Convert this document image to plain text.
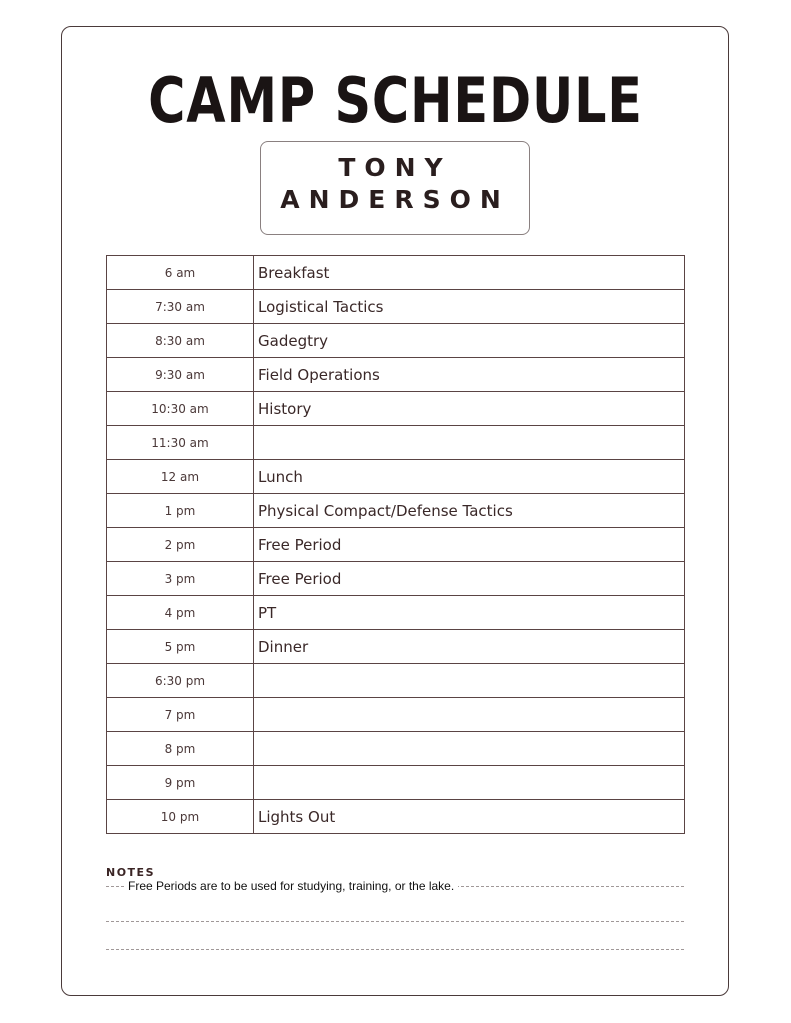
CAMP SCHEDULE
TONY
ANDERSON
6 am	Breakfast
7:30 am	Logistical Tactics
8:30 am	Gadegtry
9:30 am	Field Operations
10:30 am	History
11:30 am	
12 am	Lunch
1 pm	Physical Compact/Defense Tactics
2 pm	Free Period
3 pm	Free Period
4 pm	PT
5 pm	Dinner
6:30 pm	
7 pm	
8 pm	
9 pm	
10 pm	Lights Out
NOTES
Free Periods are to be used for studying, training, or the lake.
